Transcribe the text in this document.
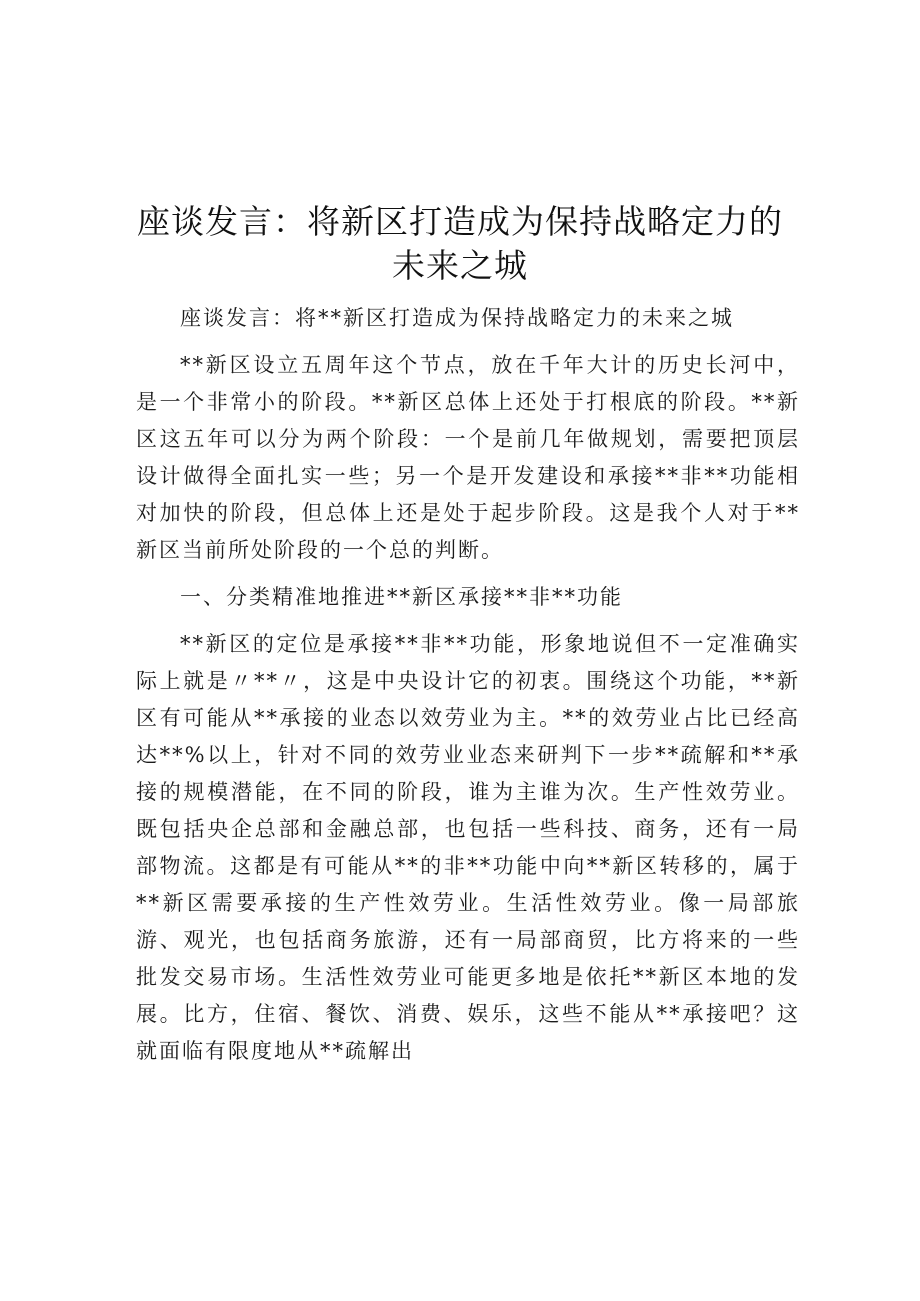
座谈发言：将新区打造成为保持战略定力的
未来之城

座谈发言：将**新区打造成为保持战略定力的未来之城

**新区设立五周年这个节点，放在千年大计的历史长河中，是一个非常小的阶段。**新区总体上还处于打根底的阶段。**新区这五年可以分为两个阶段：一个是前几年做规划，需要把顶层设计做得全面扎实一些；另一个是开发建设和承接**非**功能相对加快的阶段，但总体上还是处于起步阶段。这是我个人对于**新区当前所处阶段的一个总的判断。

一、分类精准地推进**新区承接**非**功能

**新区的定位是承接**非**功能，形象地说但不一定准确实际上就是〃**〃，这是中央设计它的初衷。围绕这个功能，**新区有可能从**承接的业态以效劳业为主。**的效劳业占比已经高达**%以上，针对不同的效劳业业态来研判下一步**疏解和**承接的规模潜能，在不同的阶段，谁为主谁为次。生产性效劳业。既包括央企总部和金融总部，也包括一些科技、商务，还有一局部物流。这都是有可能从**的非**功能中向**新区转移的，属于**新区需要承接的生产性效劳业。生活性效劳业。像一局部旅游、观光，也包括商务旅游，还有一局部商贸，比方将来的一些批发交易市场。生活性效劳业可能更多地是依托**新区本地的发展。比方，住宿、餐饮、消费、娱乐，这些不能从**承接吧？这就面临有限度地从**疏解出
